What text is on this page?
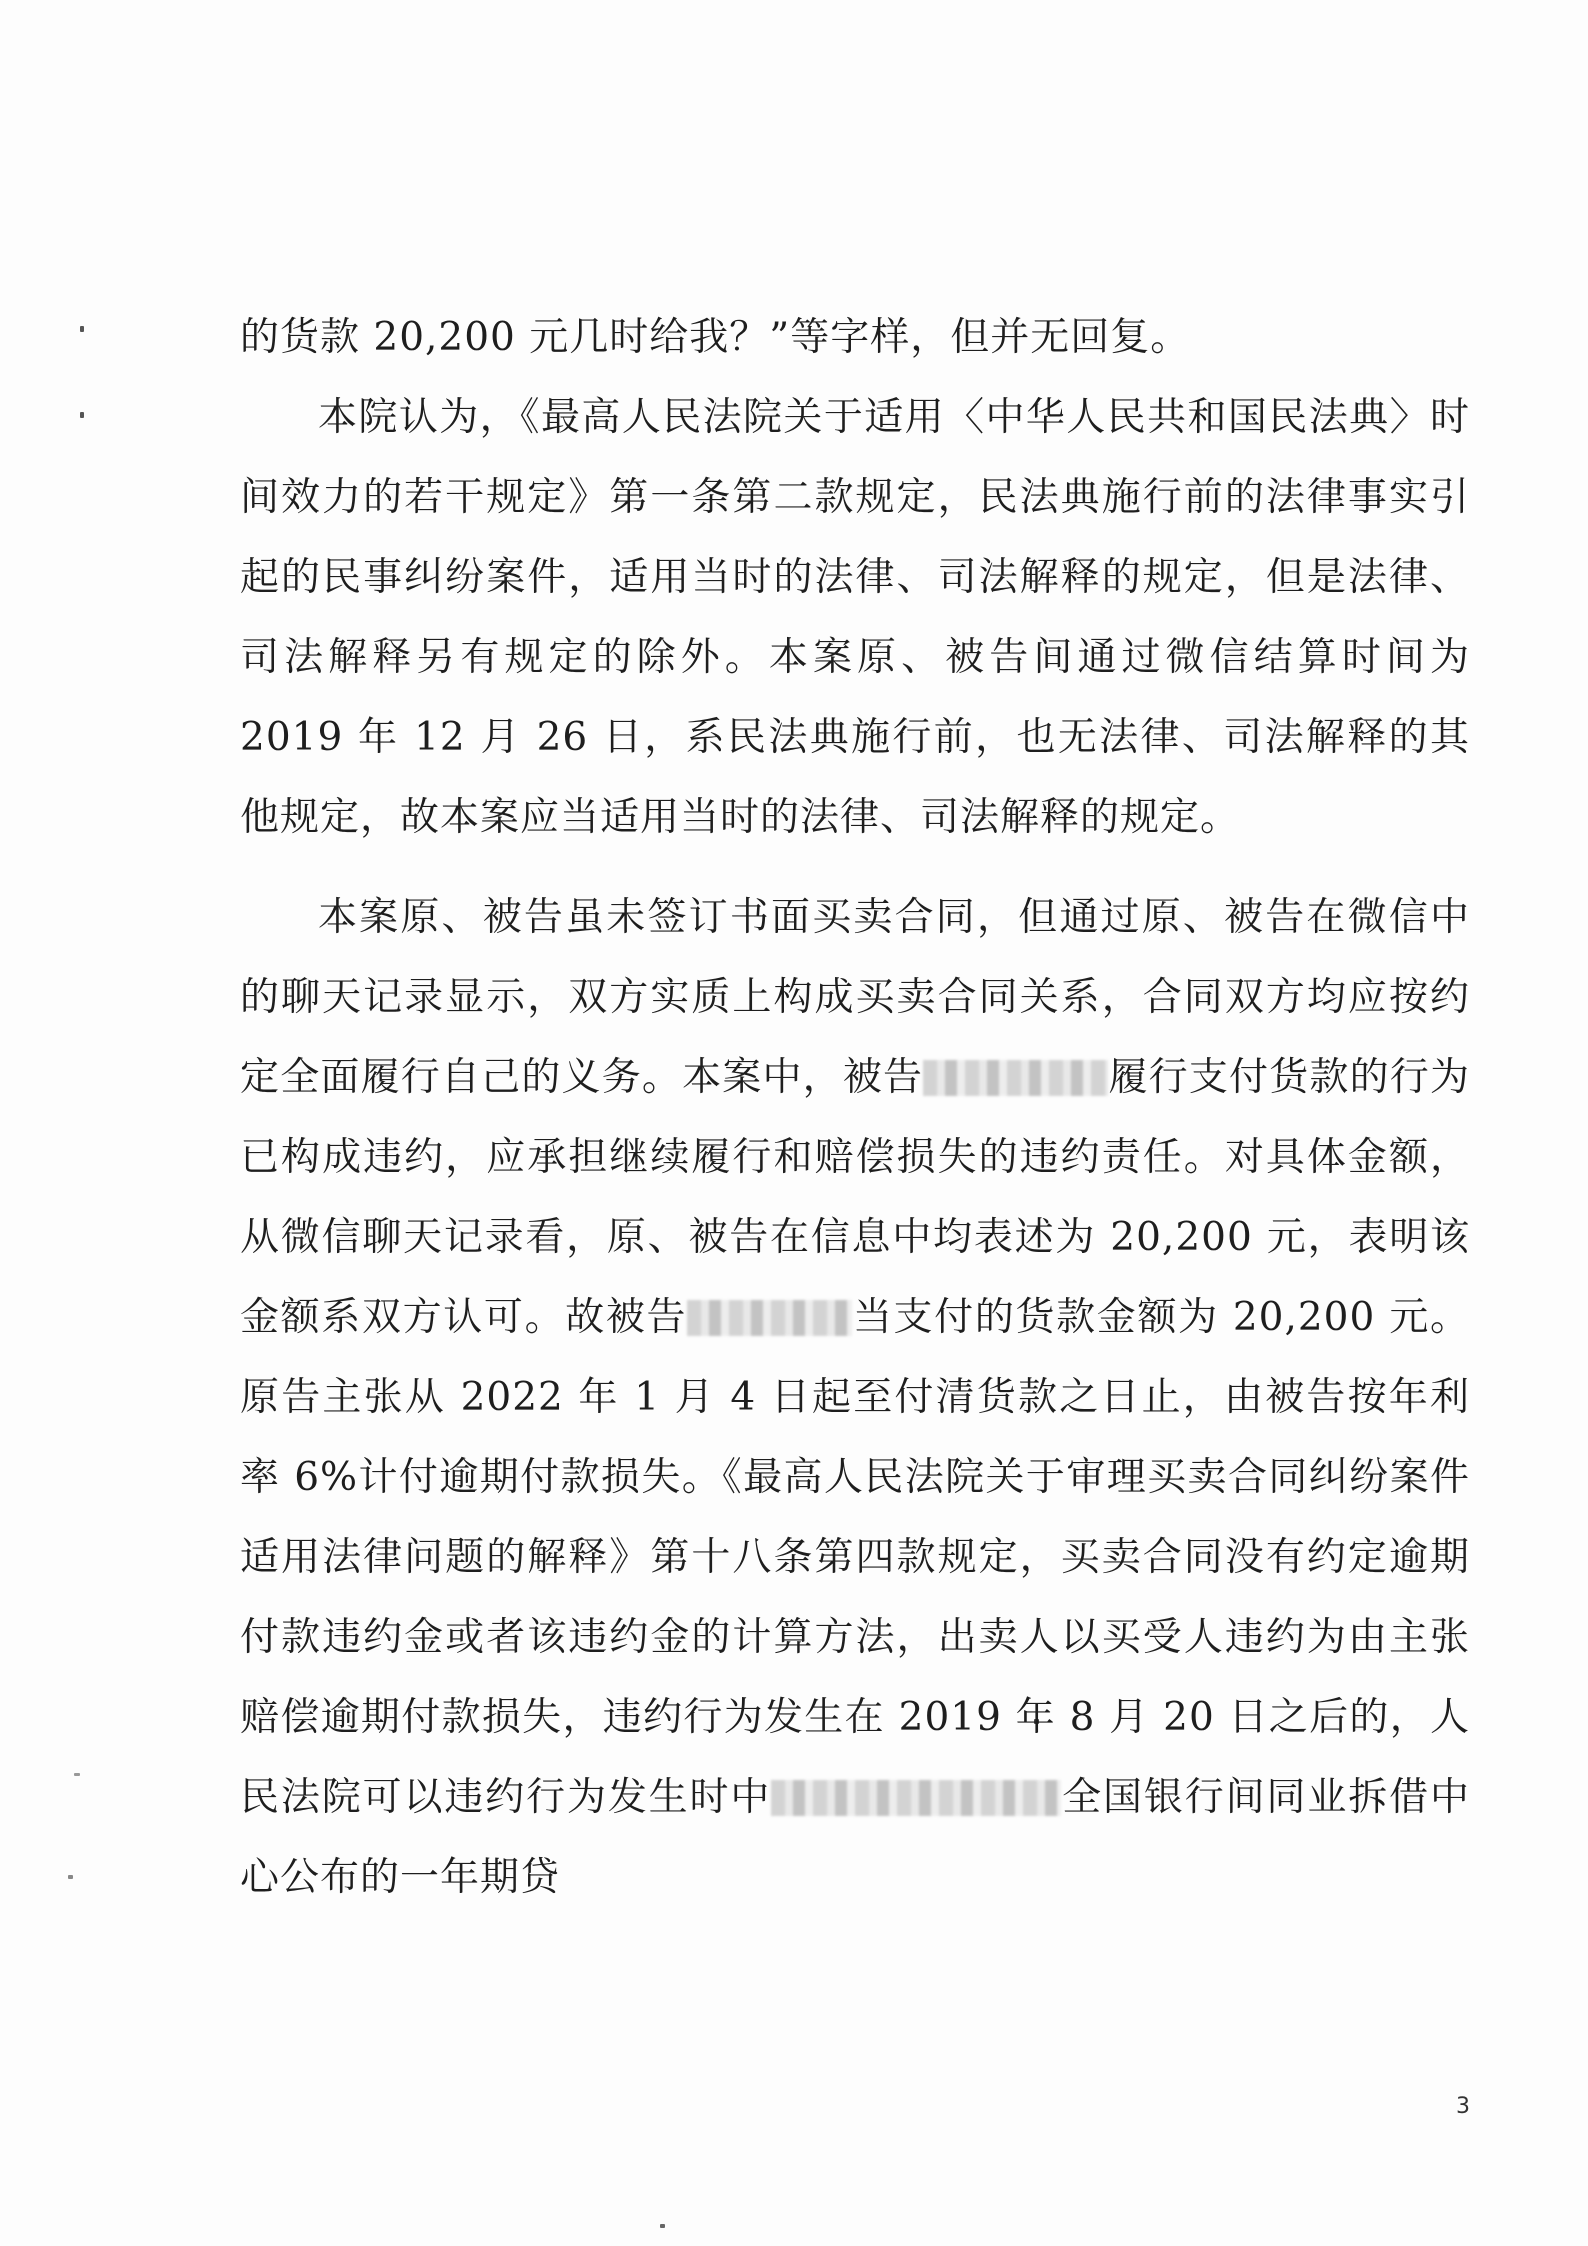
的货款 20,200 元几时给我？”等字样，但并无回复。

本院认为，《最高人民法院关于适用〈中华人民共和国民法典〉时间效力的若干规定》第一条第二款规定，民法典施行前的法律事实引起的民事纠纷案件，适用当时的法律、司法解释的规定，但是法律、司法解释另有规定的除外。本案原、被告间通过微信结算时间为 2019 年 12 月 26 日，系民法典施行前，也无法律、司法解释的其他规定，故本案应当适用当时的法律、司法解释的规定。

本案原、被告虽未签订书面买卖合同，但通过原、被告在微信中的聊天记录显示，双方实质上构成买卖合同关系，合同双方均应按约定全面履行自己的义务。本案中，被告	履行支付货款的行为已构成违约，应承担继续履行和赔偿损失的违约责任。对具体金额，从微信聊天记录看，原、被告在信息中均表述为 20,200 元，表明该金额系双方认可。故被告	当支付的货款金额为 20,200 元。原告主张从 2022 年 1 月 4 日起至付清货款之日止，由被告按年利率 6%计付逾期付款损失。《最高人民法院关于审理买卖合同纠纷案件适用法律问题的解释》第十八条第四款规定，买卖合同没有约定逾期付款违约金或者该违约金的计算方法，出卖人以买受人违约为由主张赔偿逾期付款损失，违约行为发生在 2019 年 8 月 20 日之后的，人民法院可以违约行为发生时中	全国银行间同业拆借中心公布的一年期贷

3
